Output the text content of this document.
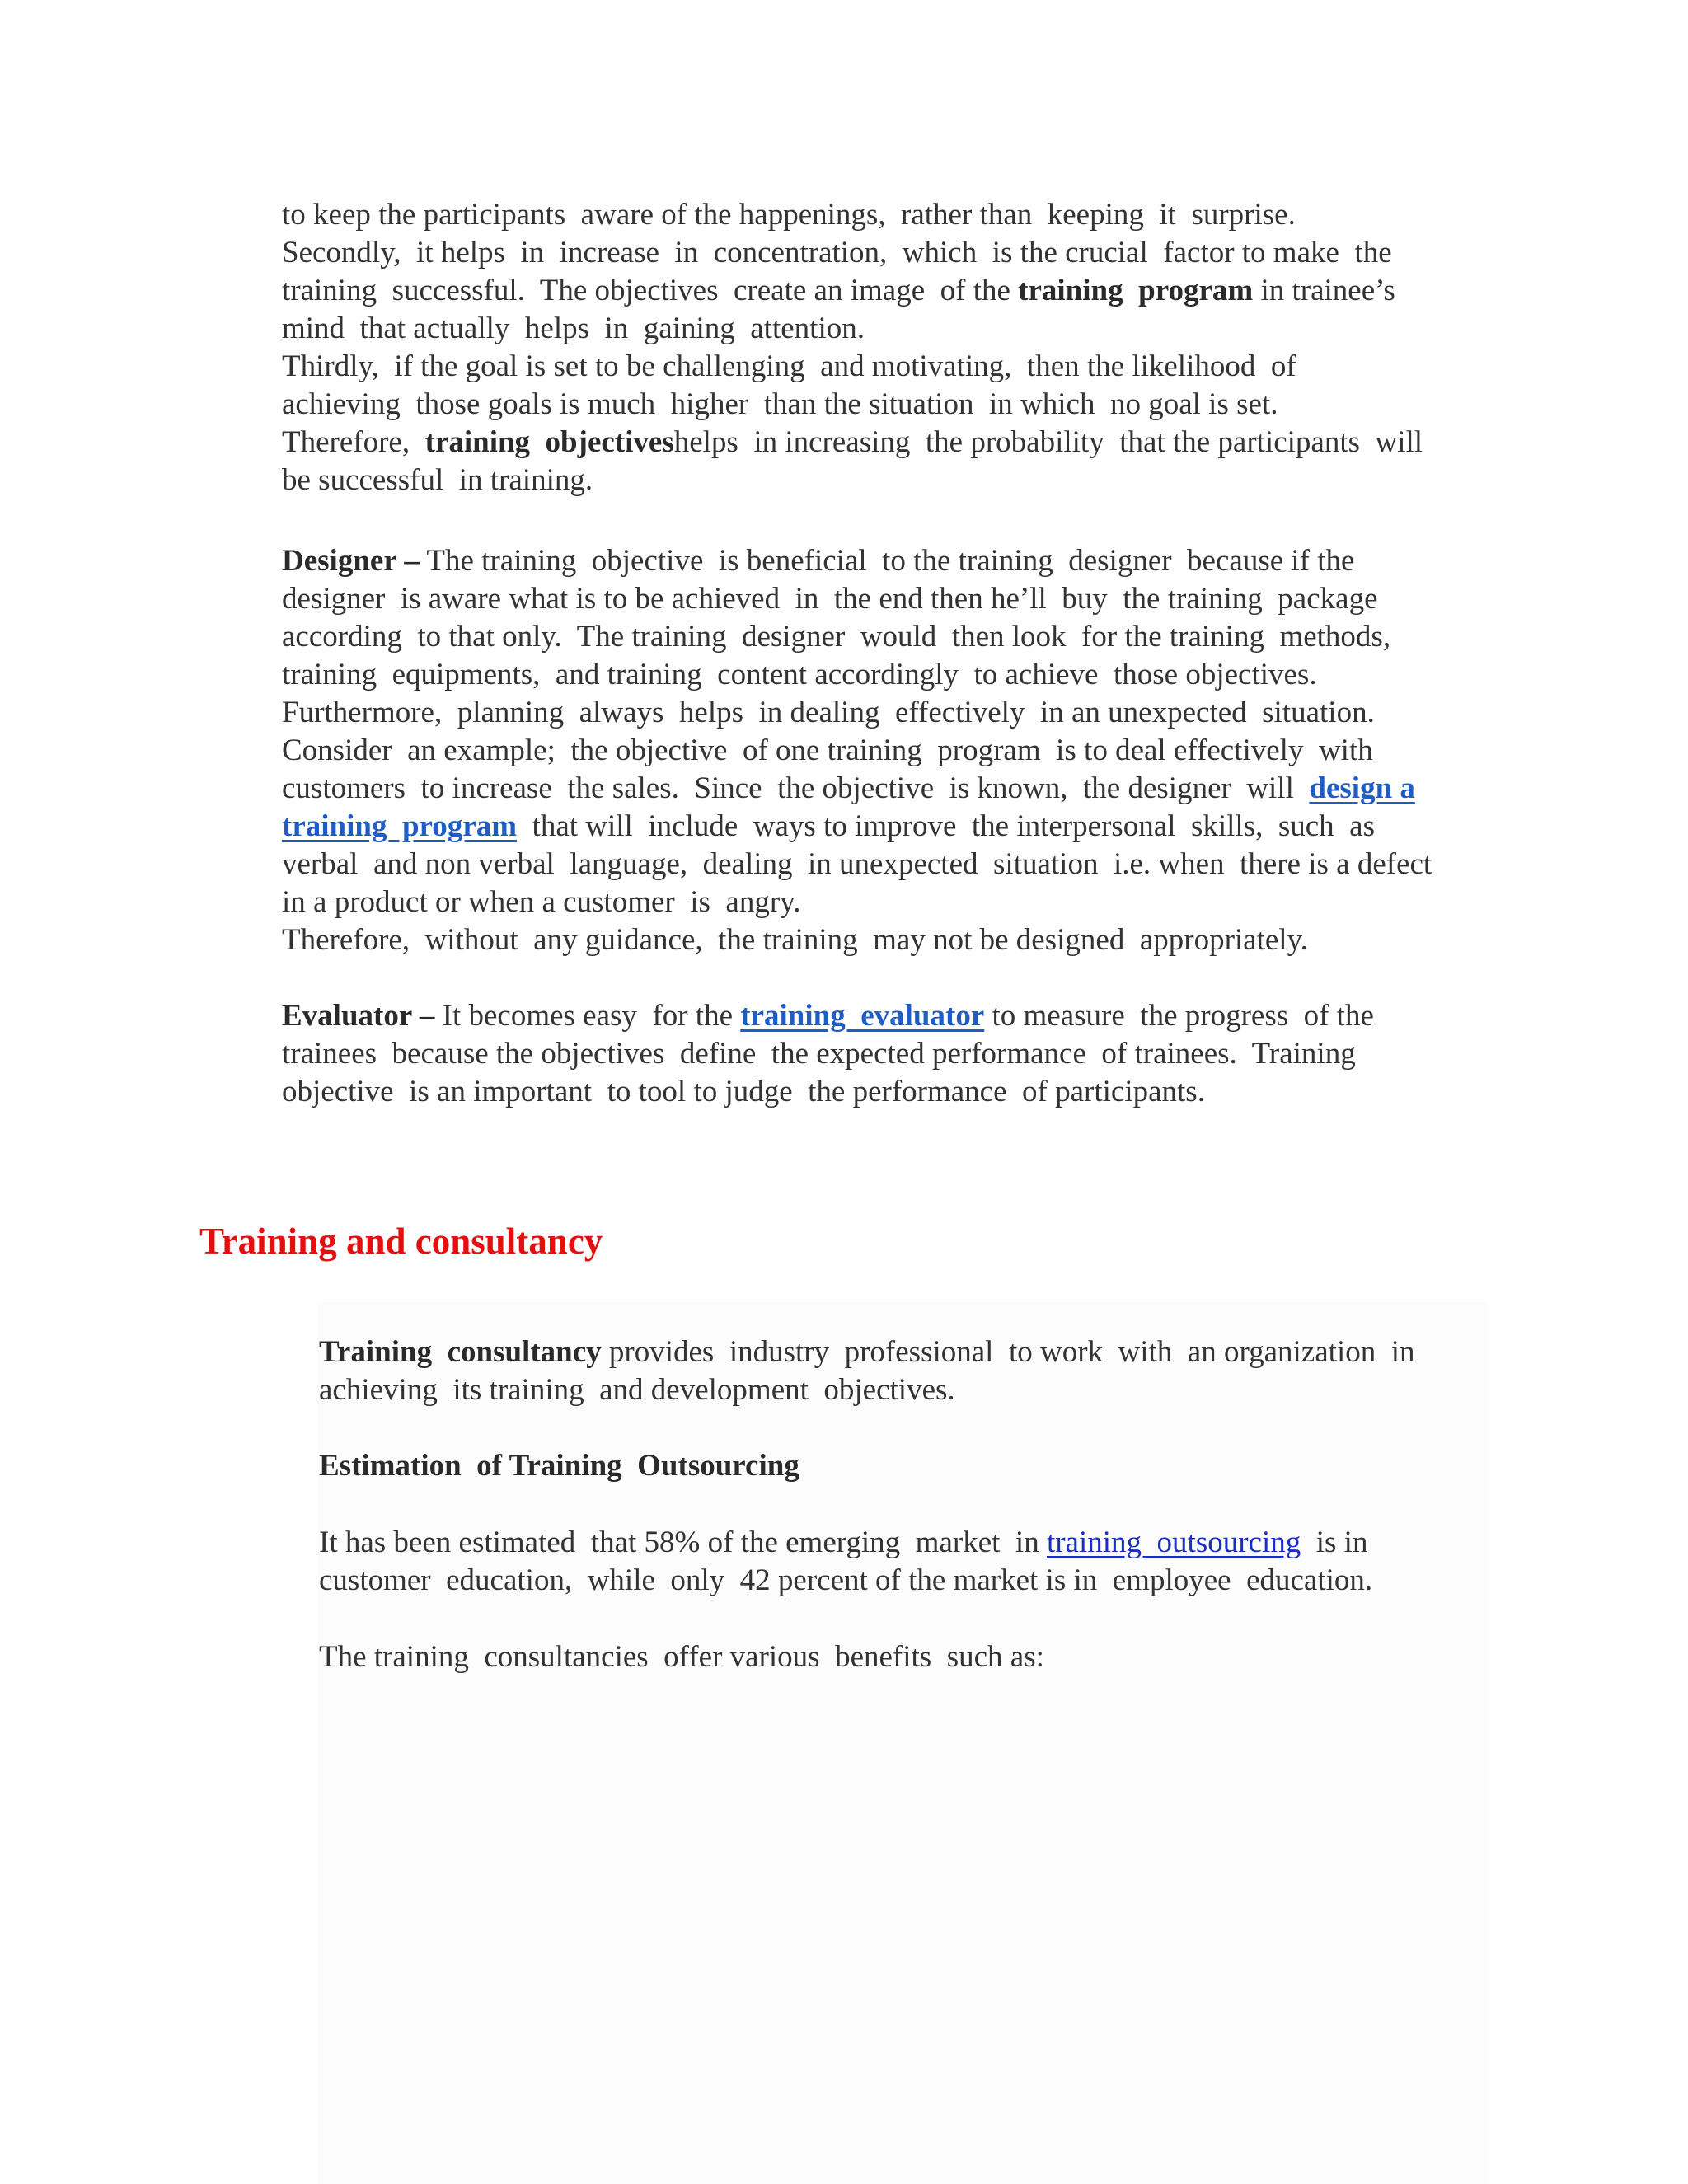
to keep the participants  aware of the happenings,  rather than  keeping  it  surprise.

Secondly,  it helps  in  increase  in  concentration,  which  is the crucial  factor to make  the

training  successful.  The objectives  create an image  of the training  program in trainee’s

mind  that actually  helps  in  gaining  attention.

Thirdly,  if the goal is set to be challenging  and motivating,  then the likelihood  of

achieving  those goals is much  higher  than the situation  in which  no goal is set.

Therefore,  training  objectiveshelps  in increasing  the probability  that the participants  will

be successful  in training.

Designer – The training  objective  is beneficial  to the training  designer  because if the

designer  is aware what is to be achieved  in  the end then he’ll  buy  the training  package

according  to that only.  The training  designer  would  then look  for the training  methods,

training  equipments,  and training  content accordingly  to achieve  those objectives.

Furthermore,  planning  always  helps  in dealing  effectively  in an unexpected  situation.

Consider  an example;  the objective  of one training  program  is to deal effectively  with

customers  to increase  the sales.  Since  the objective  is known,  the designer  will  design a

training  program  that will  include  ways to improve  the interpersonal  skills,  such  as

verbal  and non verbal  language,  dealing  in unexpected  situation  i.e. when  there is a defect

in a product or when a customer  is  angry.

Therefore,  without  any guidance,  the training  may not be designed  appropriately.

Evaluator – It becomes easy  for the training  evaluator to measure  the progress  of the

trainees  because the objectives  define  the expected performance  of trainees.  Training

objective  is an important  to tool to judge  the performance  of participants.

Training and consultancy

Training  consultancy provides  industry  professional  to work  with  an organization  in

achieving  its training  and development  objectives.

Estimation  of Training  Outsourcing

It has been estimated  that 58% of the emerging  market  in training  outsourcing  is in

customer  education,  while  only  42 percent of the market is in  employee  education.

The training  consultancies  offer various  benefits  such as:
